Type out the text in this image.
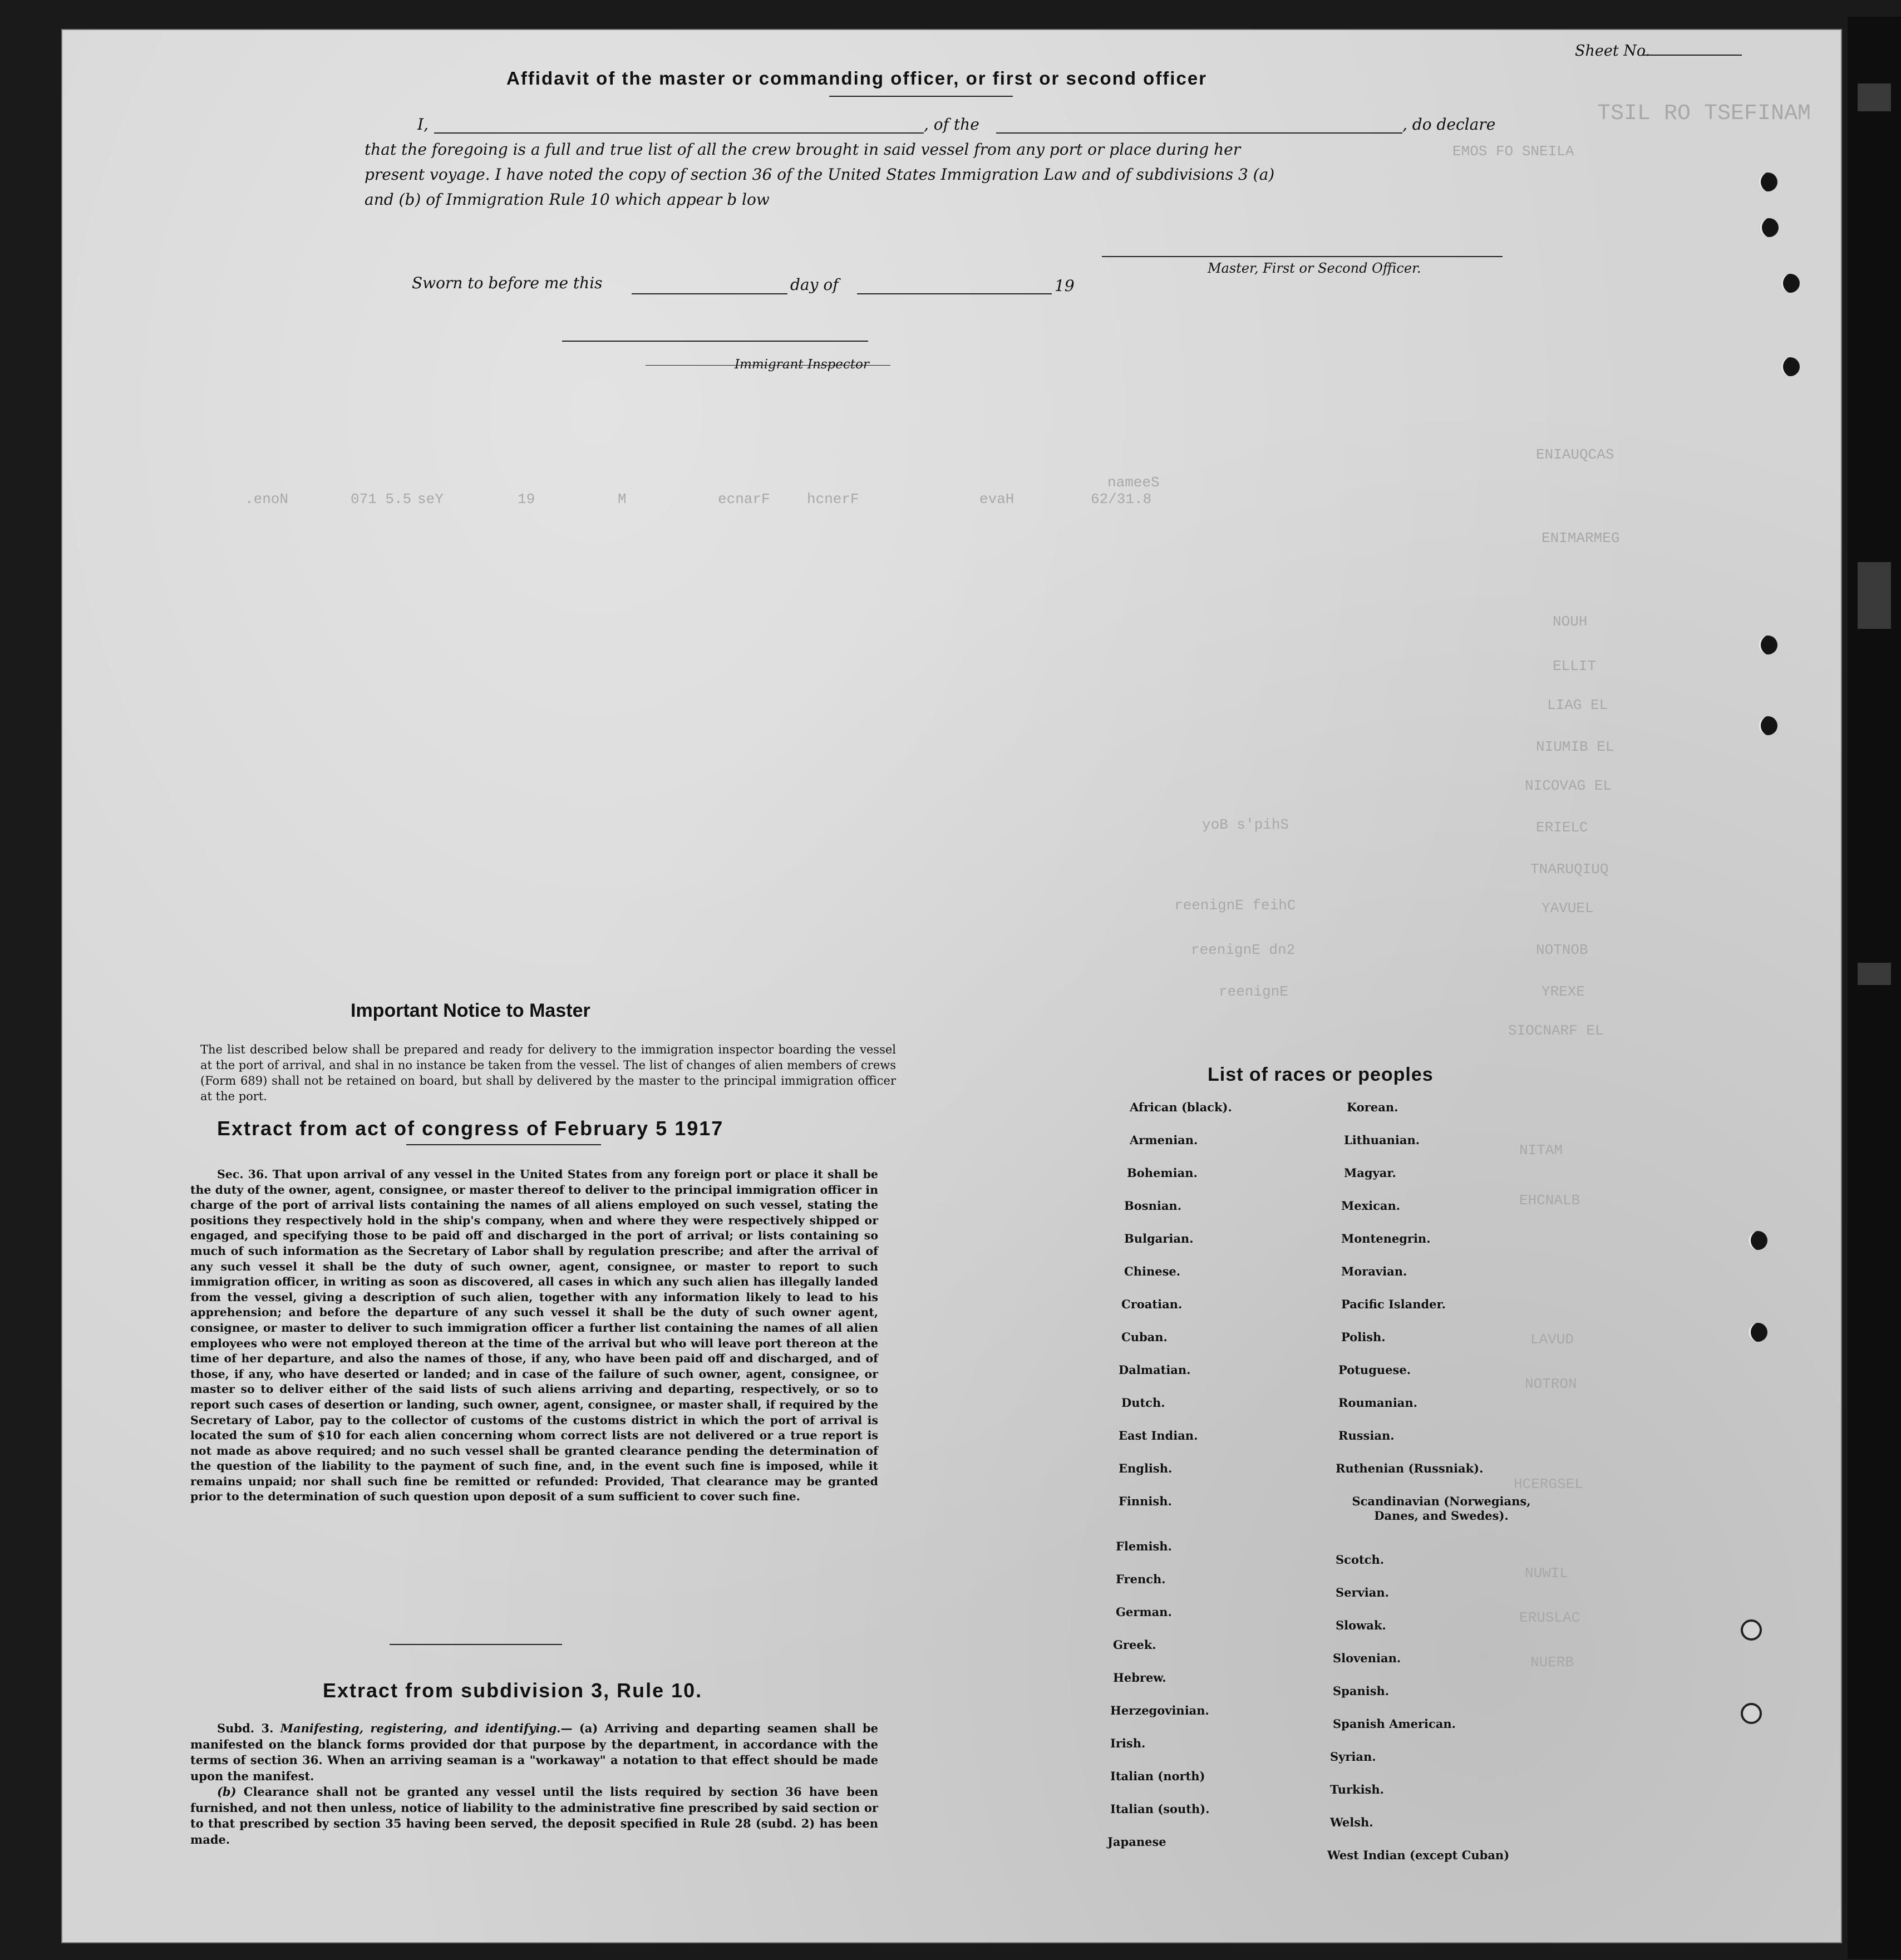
TSIL RO TSEFINAM
EMOS FO SNEILA
ENIAUQCAS
ENIMARMEG
NOUH
ELLIT
LIAG EL
NIUMIB EL
NICOVAG EL
ERIELC
TNARUQIUQ
YAVUEL
NOTNOB
YREXE
SIOCNARF EL
NITAM
EHCNALB
LAVUD
NOTRON
HCERGSEL
NUWIL
ERUSLAC
NUERB
nameeS
yoB s'pihS
reenignE feihC
reenignE dn2
reenignE
ecnarF	hcnerF	evaH	62/31.8
M
19
seY
.enoN	071 5.5
Affidavit of the master or commanding officer, or first or second officer
Sheet No.
I,	, of the	, do declare
that the foregoing is a full and true list of all the crew brought in said vessel from any port or place during her
present voyage. I have noted the copy of section 36 of the United States Immigration Law and of subdivisions 3 (a)
and (b) of Immigration Rule 10 which appear b low
Master, First or Second Officer.
Sworn to before me this	day of	19
Immigrant Inspector
Important Notice to Master
The list described below shall be prepared and ready for delivery to the immigration inspector boarding the vessel at the port of arrival, and shal in no instance be taken from the vessel. The list of changes of alien members of crews (Form 689) shall not be retained on board, but shall by delivered by the master to the principal immigration officer at the port.
Extract from act of congress of February 5 1917
Sec. 36. That upon arrival of any vessel in the United States from any foreign port or place it shall be the duty of the owner, agent, consignee, or master thereof to deliver to the principal immigration officer in charge of the port of arrival lists containing the names of all aliens employed on such vessel, stating the positions they respectively hold in the ship's company, when and where they were respectively shipped or engaged, and specifying those to be paid off and discharged in the port of arrival; or lists containing so much of such information as the Secretary of Labor shall by regulation prescribe; and after the arrival of any such vessel it shall be the duty of such owner, agent, consignee, or master to report to such immigration officer, in writing as soon as discovered, all cases in which any such alien has illegally landed from the vessel, giving a description of such alien, together with any information likely to lead to his apprehension; and before the departure of any such vessel it shall be the duty of such owner agent, consignee, or master to deliver to such immigration officer a further list containing the names of all alien employees who were not employed thereon at the time of the arrival but who will leave port thereon at the time of her departure, and also the names of those, if any, who have been paid off and discharged, and of those, if any, who have deserted or landed; and in case of the failure of such owner, agent, consignee, or master so to deliver either of the said lists of such aliens arriving and departing, respectively, or so to report such cases of desertion or landing, such owner, agent, consignee, or master shall, if required by the Secretary of Labor, pay to the collector of customs of the customs district in which the port of arrival is located the sum of $10 for each alien concerning whom correct lists are not delivered or a true report is not made as above required; and no such vessel shall be granted clearance pending the determination of the question of the liability to the payment of such fine, and, in the event such fine is imposed, while it remains unpaid; nor shall such fine be remitted or refunded: Provided, That clearance may be granted prior to the determination of such question upon deposit of a sum sufficient to cover such fine.
Extract from subdivision 3, Rule 10.
Subd. 3. Manifesting, registering, and identifying.— (a) Arriving and departing seamen shall be manifested on the blanck forms provided dor that purpose by the department, in accordance with the terms of section 36. When an arriving seaman is a "workaway" a notation to that effect should be made upon the manifest.
(b) Clearance shall not be granted any vessel until the lists required by section 36 have been furnished, and not then unless, notice of liability to the administrative fine prescribed by said section or to that prescribed by section 35 having been served, the deposit specified in Rule 28 (subd. 2) has been made.
List of races or peoples
African (black).
Armenian.
Bohemian.
Bosnian.
Bulgarian.
Chinese.
Croatian.
Cuban.
Dalmatian.
Dutch.
East Indian.
English.
Finnish.
Flemish.
French.
German.
Greek.
Hebrew.
Herzegovinian.
Irish.
Italian (north)
Italian (south).
Japanese
Korean.
Lithuanian.
Magyar.
Mexican.
Montenegrin.
Moravian.
Pacific Islander.
Polish.
Potuguese.
Roumanian.
Russian.
Ruthenian (Russniak).
Scandinavian (Norwegians, Danes, and Swedes).
Scotch.
Servian.
Slowak.
Slovenian.
Spanish.
Spanish American.
Syrian.
Turkish.
Welsh.
West Indian (except Cuban)
